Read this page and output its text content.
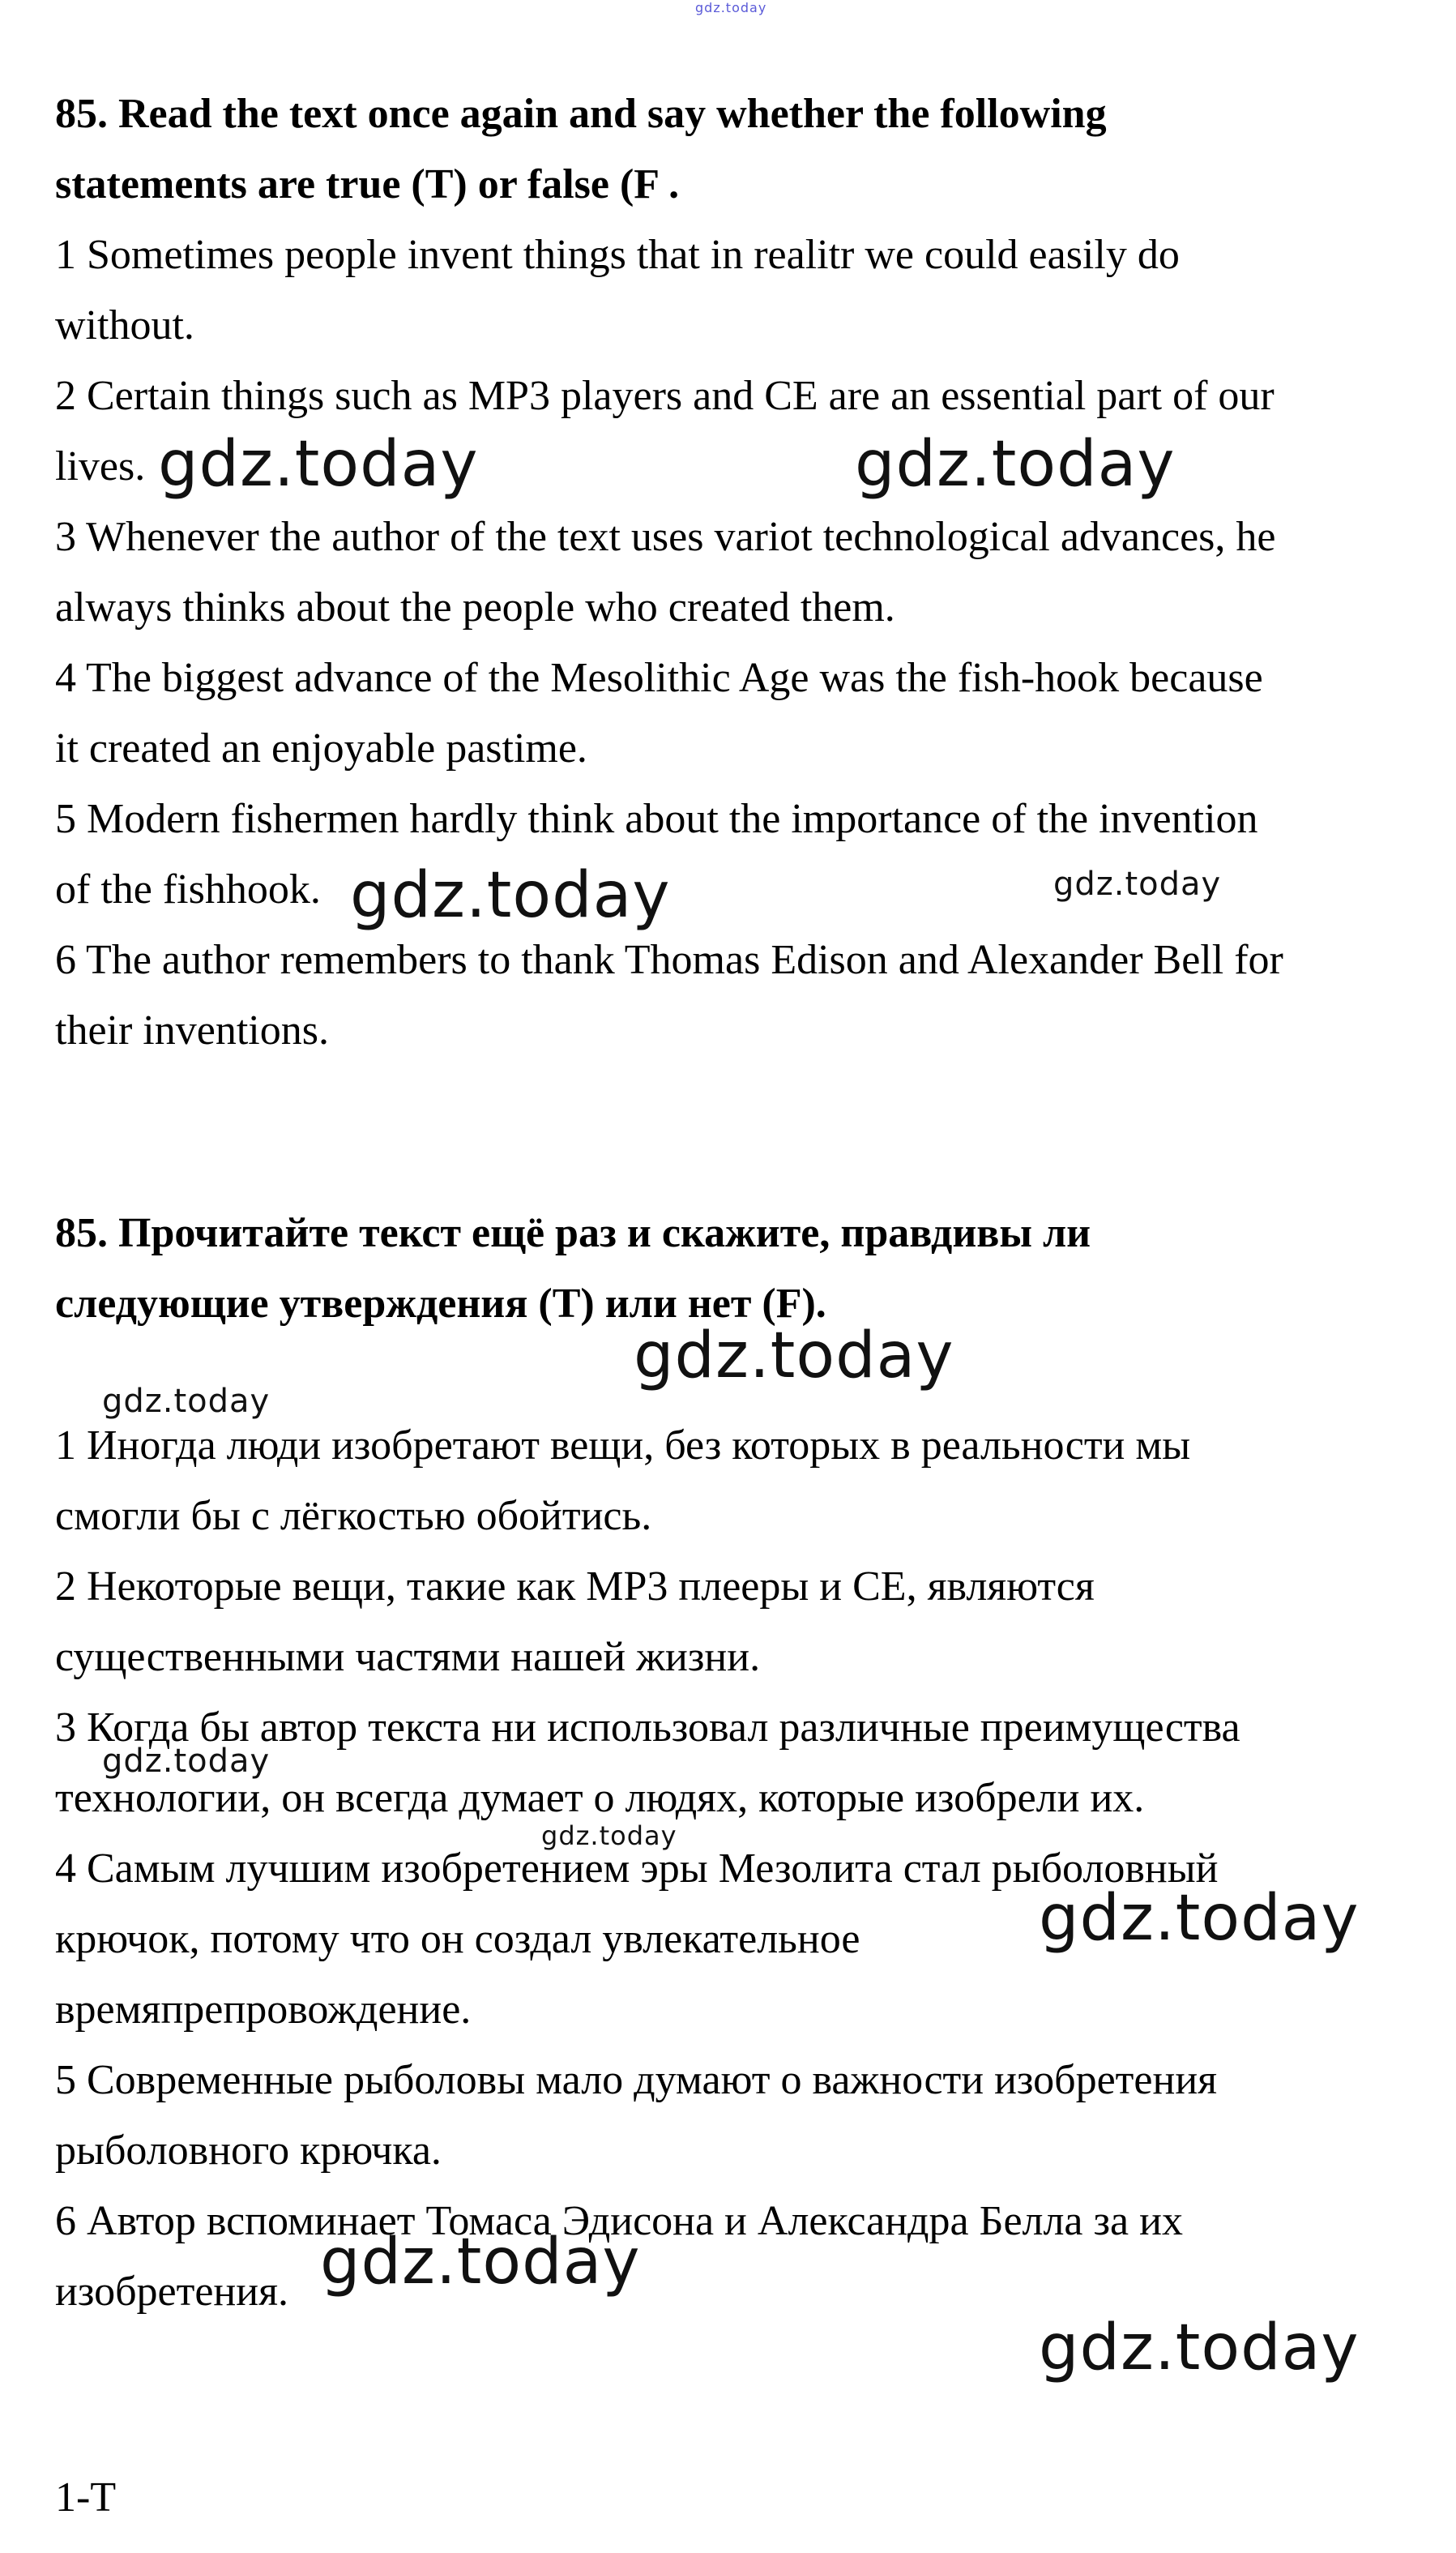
gdz.today
85. Read the text once again and say whether the following
statements are true (T) or false (F .
1 Sometimes people invent things that in realitr we could easily do
without.
2 Certain things such as MP3 players and CE are an essential part of our
lives.
3 Whenever the author of the text uses variot technological advances, he
always thinks about the people who created them.
4 The biggest advance of the Mesolithic Age was the fish-hook because
it created an enjoyable pastime.
5 Modern fishermen hardly think about the importance of the invention
of the fishhook.
6 The author remembers to thank Thomas Edison and Alexander Bell for
their inventions.
85. Прочитайте текст ещё раз и скажите, правдивы ли
следующие утверждения (Т) или нет (F).
1 Иногда люди изобретают вещи, без которых в реальности мы
смогли бы с лёгкостью обойтись.
2 Некоторые вещи, такие как МР3 плееры и СЕ, являются
существенными частями нашей жизни.
3 Когда бы автор текста ни использовал различные преимущества
технологии, он всегда думает о людях, которые изобрели их.
4 Самым лучшим изобретением эры Мезолита стал рыболовный
крючок, потому что он создал увлекательное
времяпрепровождение.
5 Современные рыболовы мало думают о важности изобретения
рыболовного крючка.
6 Автор вспоминает Томаса Эдисона и Александра Белла за их
изобретения.
gdz.today	gdz.today
gdz.today	gdz.today
gdz.today
gdz.today
gdz.today
gdz.today
gdz.today
gdz.today
gdz.today
1-T
